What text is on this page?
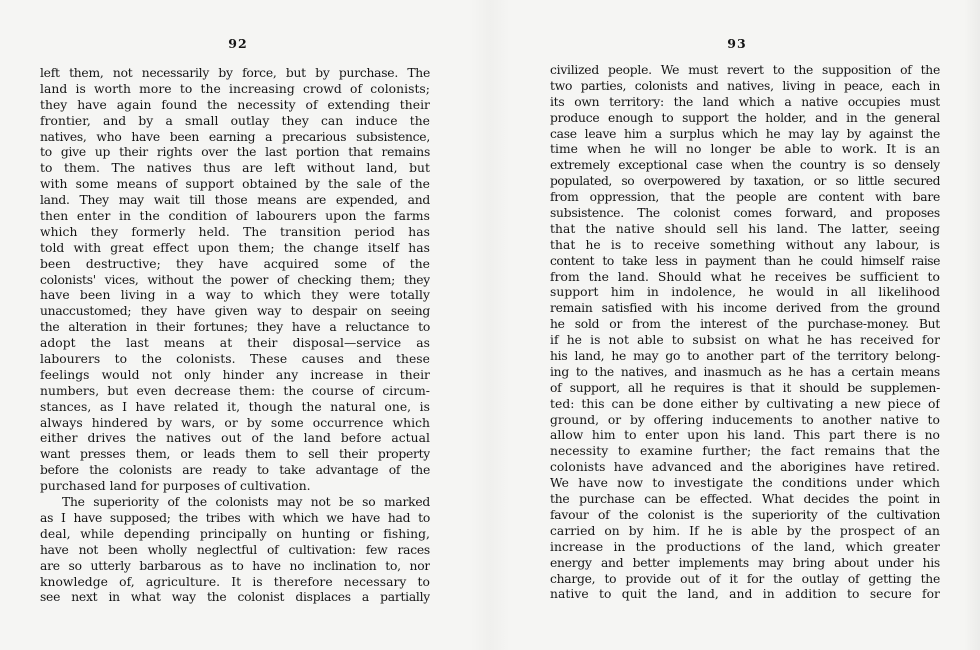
92
left them, not necessarily by force, but by purchase. The
land is worth more to the increasing crowd of colonists;
they have again found the necessity of extending their
frontier, and by a small outlay they can induce the
natives, who have been earning a precarious subsistence,
to give up their rights over the last portion that remains
to them. The natives thus are left without land, but
with some means of support obtained by the sale of the
land. They may wait till those means are expended, and
then enter in the condition of labourers upon the farms
which they formerly held. The transition period has
told with great effect upon them; the change itself has
been destructive; they have acquired some of the
colonists' vices, without the power of checking them; they
have been living in a way to which they were totally
unaccustomed; they have given way to despair on seeing
the alteration in their fortunes; they have a reluctance to
adopt the last means at their disposal—service as
labourers to the colonists. These causes and these
feelings would not only hinder any increase in their
numbers, but even decrease them: the course of circum-
stances, as I have related it, though the natural one, is
always hindered by wars, or by some occurrence which
either drives the natives out of the land before actual
want presses them, or leads them to sell their property
before the colonists are ready to take advantage of the
purchased land for purposes of cultivation.
The superiority of the colonists may not be so marked
as I have supposed; the tribes with which we have had to
deal, while depending principally on hunting or fishing,
have not been wholly neglectful of cultivation: few races
are so utterly barbarous as to have no inclination to, nor
knowledge of, agriculture. It is therefore necessary to
see next in what way the colonist displaces a partially
93
civilized people. We must revert to the supposition of the
two parties, colonists and natives, living in peace, each in
its own territory: the land which a native occupies must
produce enough to support the holder, and in the general
case leave him a surplus which he may lay by against the
time when he will no longer be able to work. It is an
extremely exceptional case when the country is so densely
populated, so overpowered by taxation, or so little secured
from oppression, that the people are content with bare
subsistence. The colonist comes forward, and proposes
that the native should sell his land. The latter, seeing
that he is to receive something without any labour, is
content to take less in payment than he could himself raise
from the land. Should what he receives be sufficient to
support him in indolence, he would in all likelihood
remain satisfied with his income derived from the ground
he sold or from the interest of the purchase-money. But
if he is not able to subsist on what he has received for
his land, he may go to another part of the territory belong-
ing to the natives, and inasmuch as he has a certain means
of support, all he requires is that it should be supplemen-
ted: this can be done either by cultivating a new piece of
ground, or by offering inducements to another native to
allow him to enter upon his land. This part there is no
necessity to examine further; the fact remains that the
colonists have advanced and the aborigines have retired.
We have now to investigate the conditions under which
the purchase can be effected. What decides the point in
favour of the colonist is the superiority of the cultivation
carried on by him. If he is able by the prospect of an
increase in the productions of the land, which greater
energy and better implements may bring about under his
charge, to provide out of it for the outlay of getting the
native to quit the land, and in addition to secure for
